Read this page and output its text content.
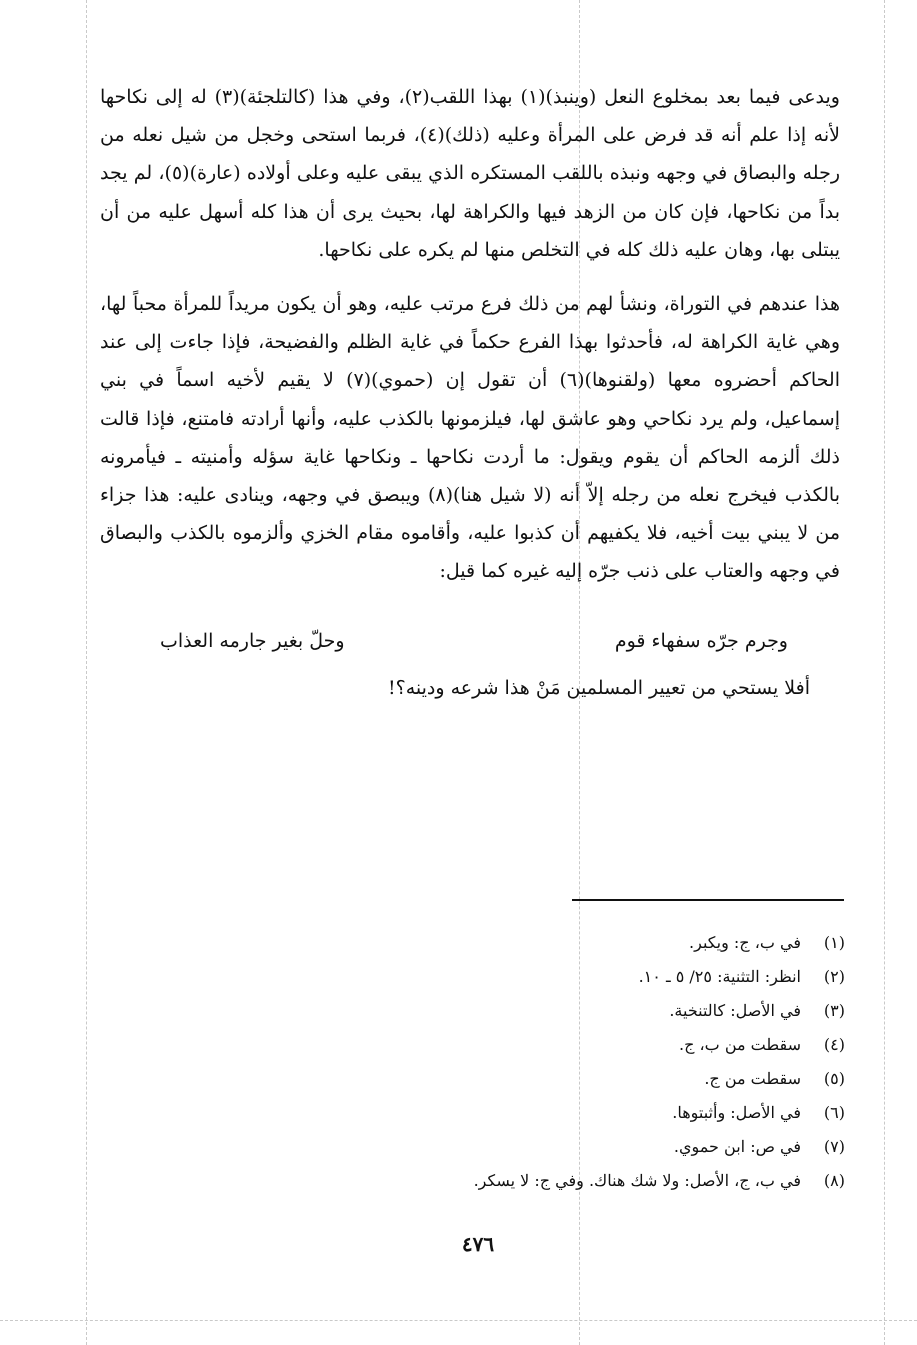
ويدعى فيما بعد بمخلوع النعل (وينبذ)(١) بهذا اللقب(٢)، وفي هذا (كالتلجئة)(٣) له إلى نكاحها لأنه إذا علم أنه قد فرض على المرأة وعليه (ذلك)(٤)، فربما استحى وخجل من شيل نعله من رجله والبصاق في وجهه ونبذه باللقب المستكره الذي يبقى عليه وعلى أولاده (عارة)(٥)، لم يجد بداً من نكاحها، فإن كان من الزهد فيها والكراهة لها، بحيث يرى أن هذا كله أسهل عليه من أن يبتلى بها، وهان عليه ذلك كله في التخلص منها لم يكره على نكاحها.

هذا عندهم في التوراة، ونشأ لهم من ذلك فرع مرتب عليه، وهو أن يكون مريداً للمرأة محباً لها، وهي غاية الكراهة له، فأحدثوا بهذا الفرع حكماً في غاية الظلم والفضيحة، فإذا جاءت إلى عند الحاكم أحضروه معها (ولقنوها)(٦) أن تقول إن (حموي)(٧) لا يقيم لأخيه اسماً في بني إسماعيل، ولم يرد نكاحي وهو عاشق لها، فيلزمونها بالكذب عليه، وأنها أرادته فامتنع، فإذا قالت ذلك ألزمه الحاكم أن يقوم ويقول: ما أردت نكاحها ـ ونكاحها غاية سؤله وأمنيته ـ فيأمرونه بالكذب فيخرج نعله من رجله إلاّ أنه (لا شيل هنا)(٨) ويبصق في وجهه، وينادى عليه: هذا جزاء من لا يبني بيت أخيه، فلا يكفيهم أن كذبوا عليه، وأقاموه مقام الخزي وألزموه بالكذب والبصاق في وجهه والعتاب على ذنب جرّه إليه غيره كما قيل:

وجرم جرّه سفهاء قوم
وحلّ بغير جارمه العذاب

أفلا يستحي من تعيير المسلمين مَنْ هذا شرعه ودينه؟!

(١)
في ب، ج: ويكبر.
(٢)
انظر: التثنية: ٢٥/ ٥ ـ ١٠.
(٣)
في الأصل: كالتنخية.
(٤)
سقطت من ب، ج.
(٥)
سقطت من ج.
(٦)
في الأصل: وأثبتوها.
(٧)
في ص: ابن حموي.
(٨)
في ب، ج، الأصل: ولا شك هناك. وفي ج: لا يسكر.
٤٧٦
